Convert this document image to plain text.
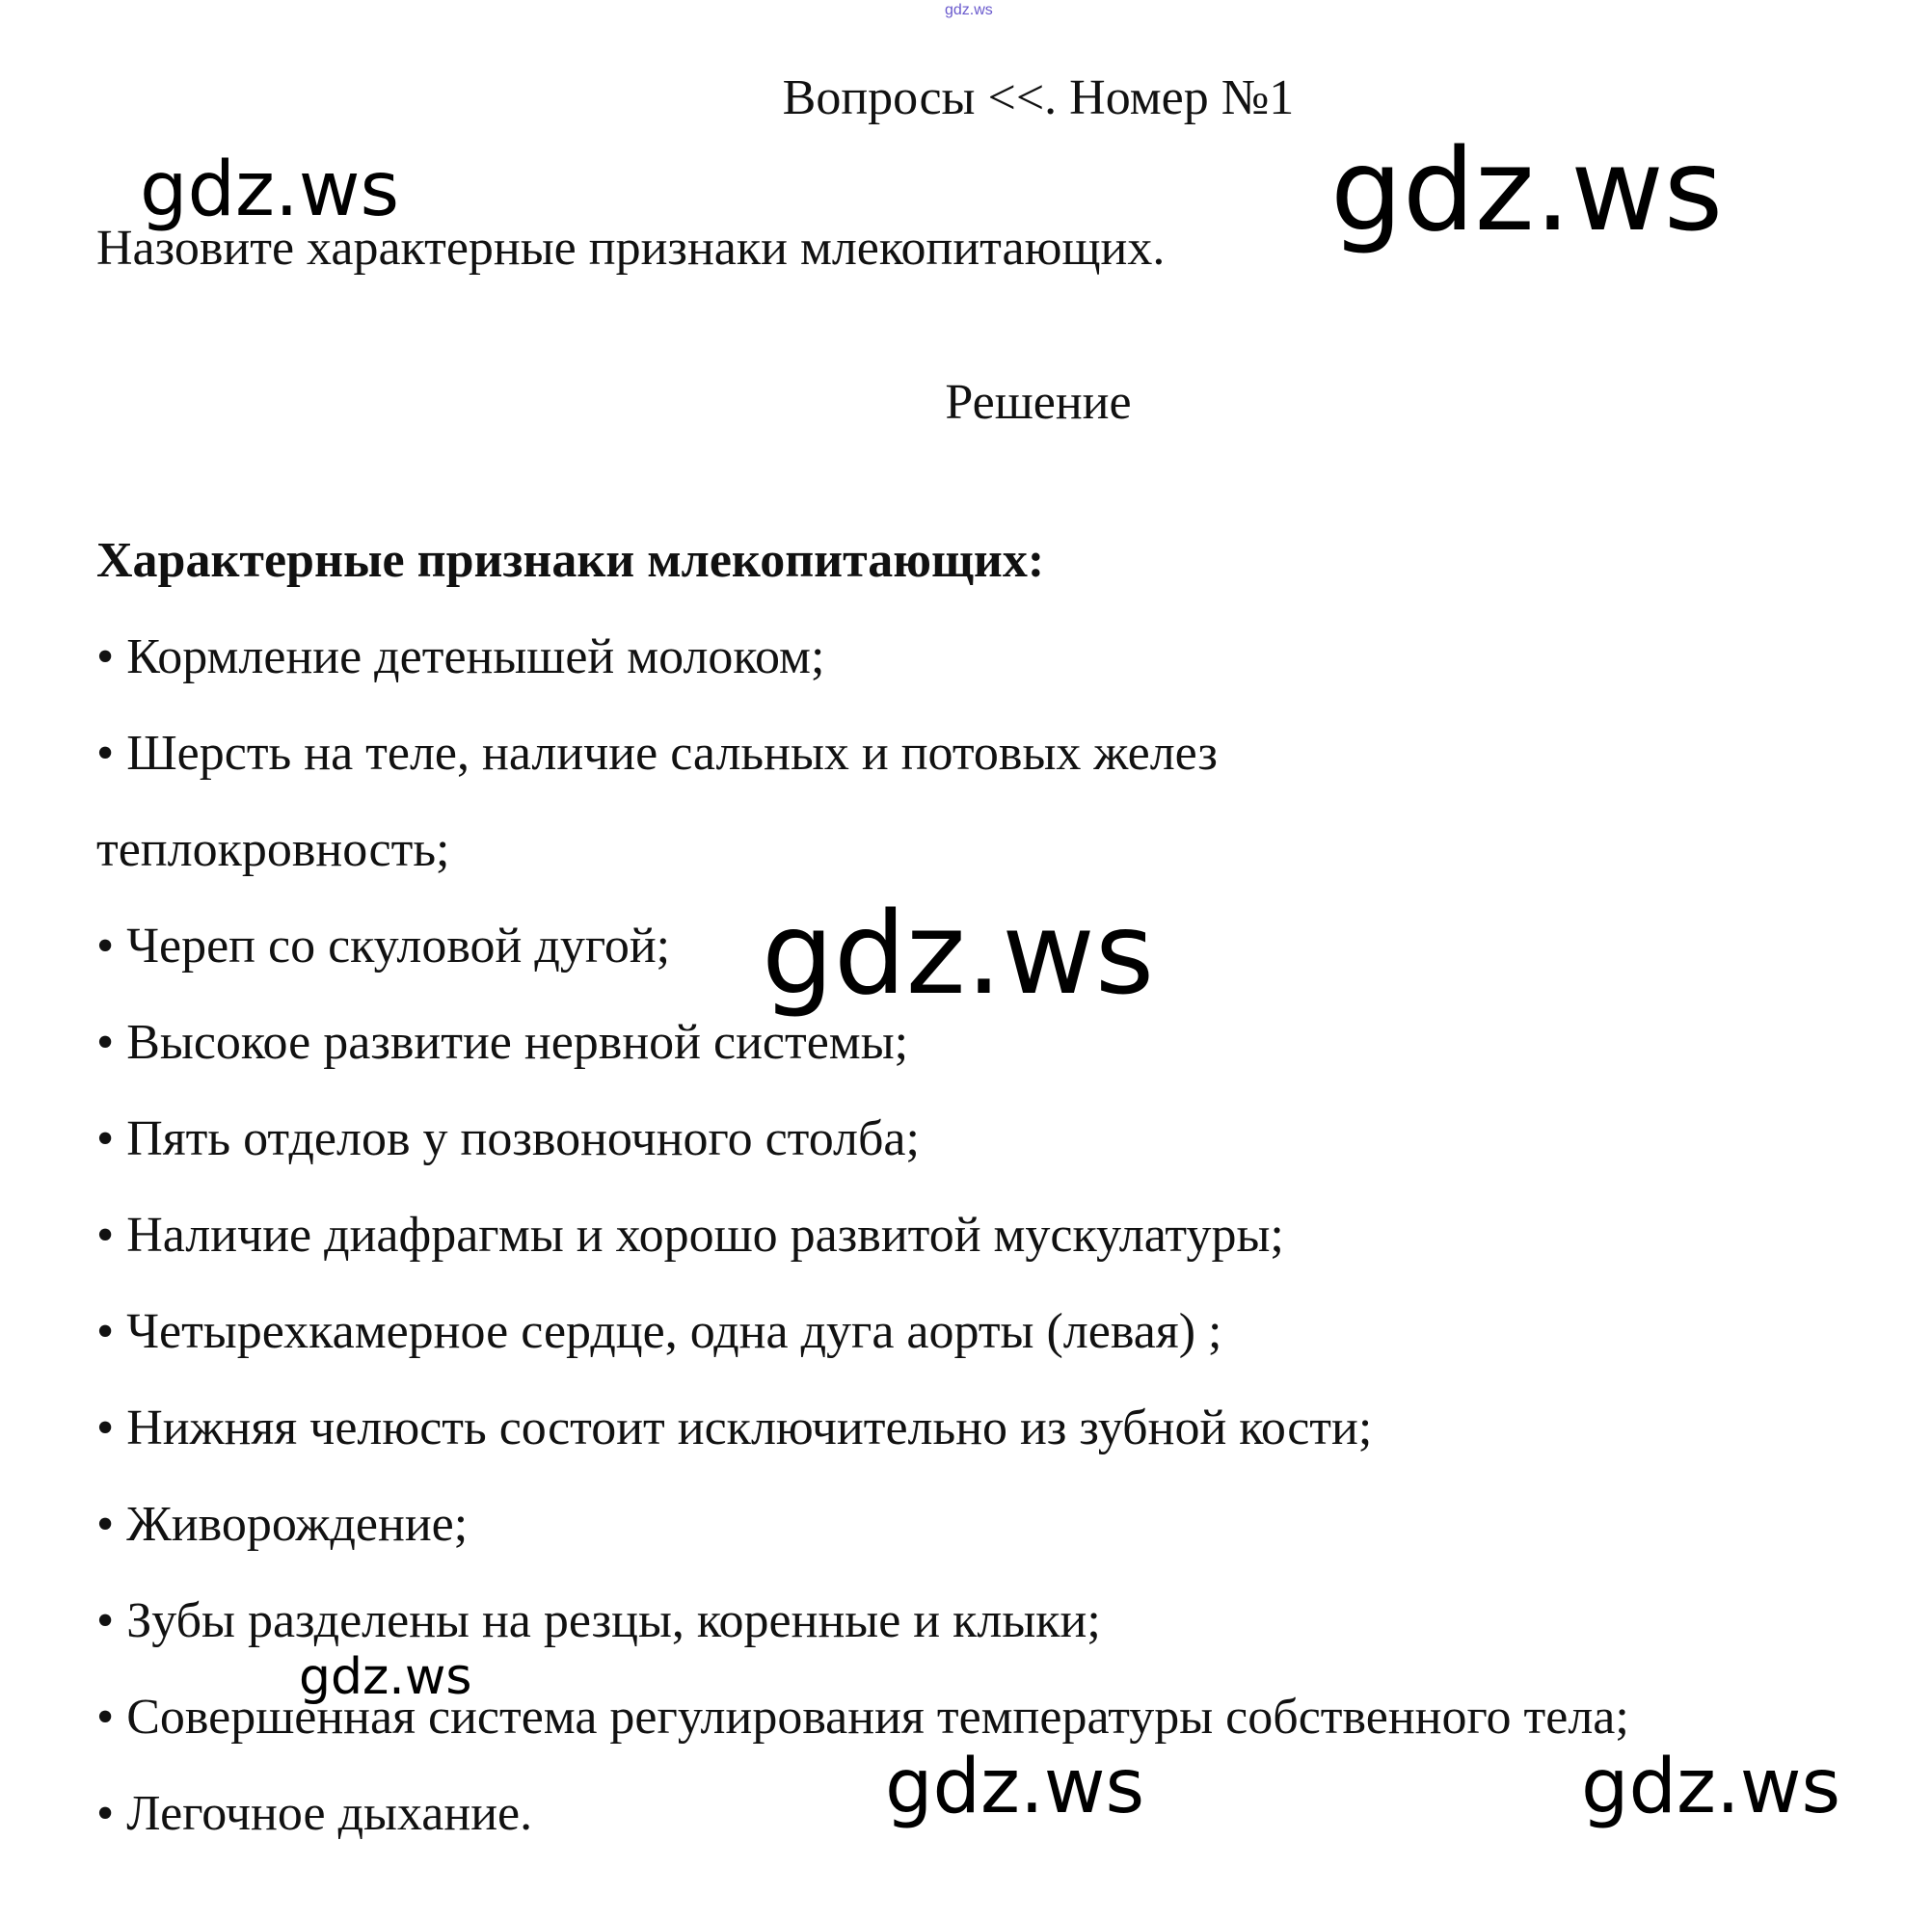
gdz.ws
Вопросы <<. Номер №1
Назовите характерные признаки млекопитающих.
Решение
Характерные признаки млекопитающих:
• Кормление детенышей молоком;
• Шерсть на теле, наличие сальных и потовых желез
теплокровность;
• Череп со скуловой дугой;
• Высокое развитие нервной системы;
• Пять отделов у позвоночного столба;
• Наличие диафрагмы и хорошо развитой мускулатуры;
• Четырехкамерное сердце, одна дуга аорты (левая) ;
• Нижняя челюсть состоит исключительно из зубной кости;
• Живорождение;
• Зубы разделены на резцы, коренные и клыки;
• Совершенная система регулирования температуры собственного тела;
• Легочное дыхание.
gdz.ws	gdz.ws
gdz.ws
gdz.ws
gdz.ws	gdz.ws
